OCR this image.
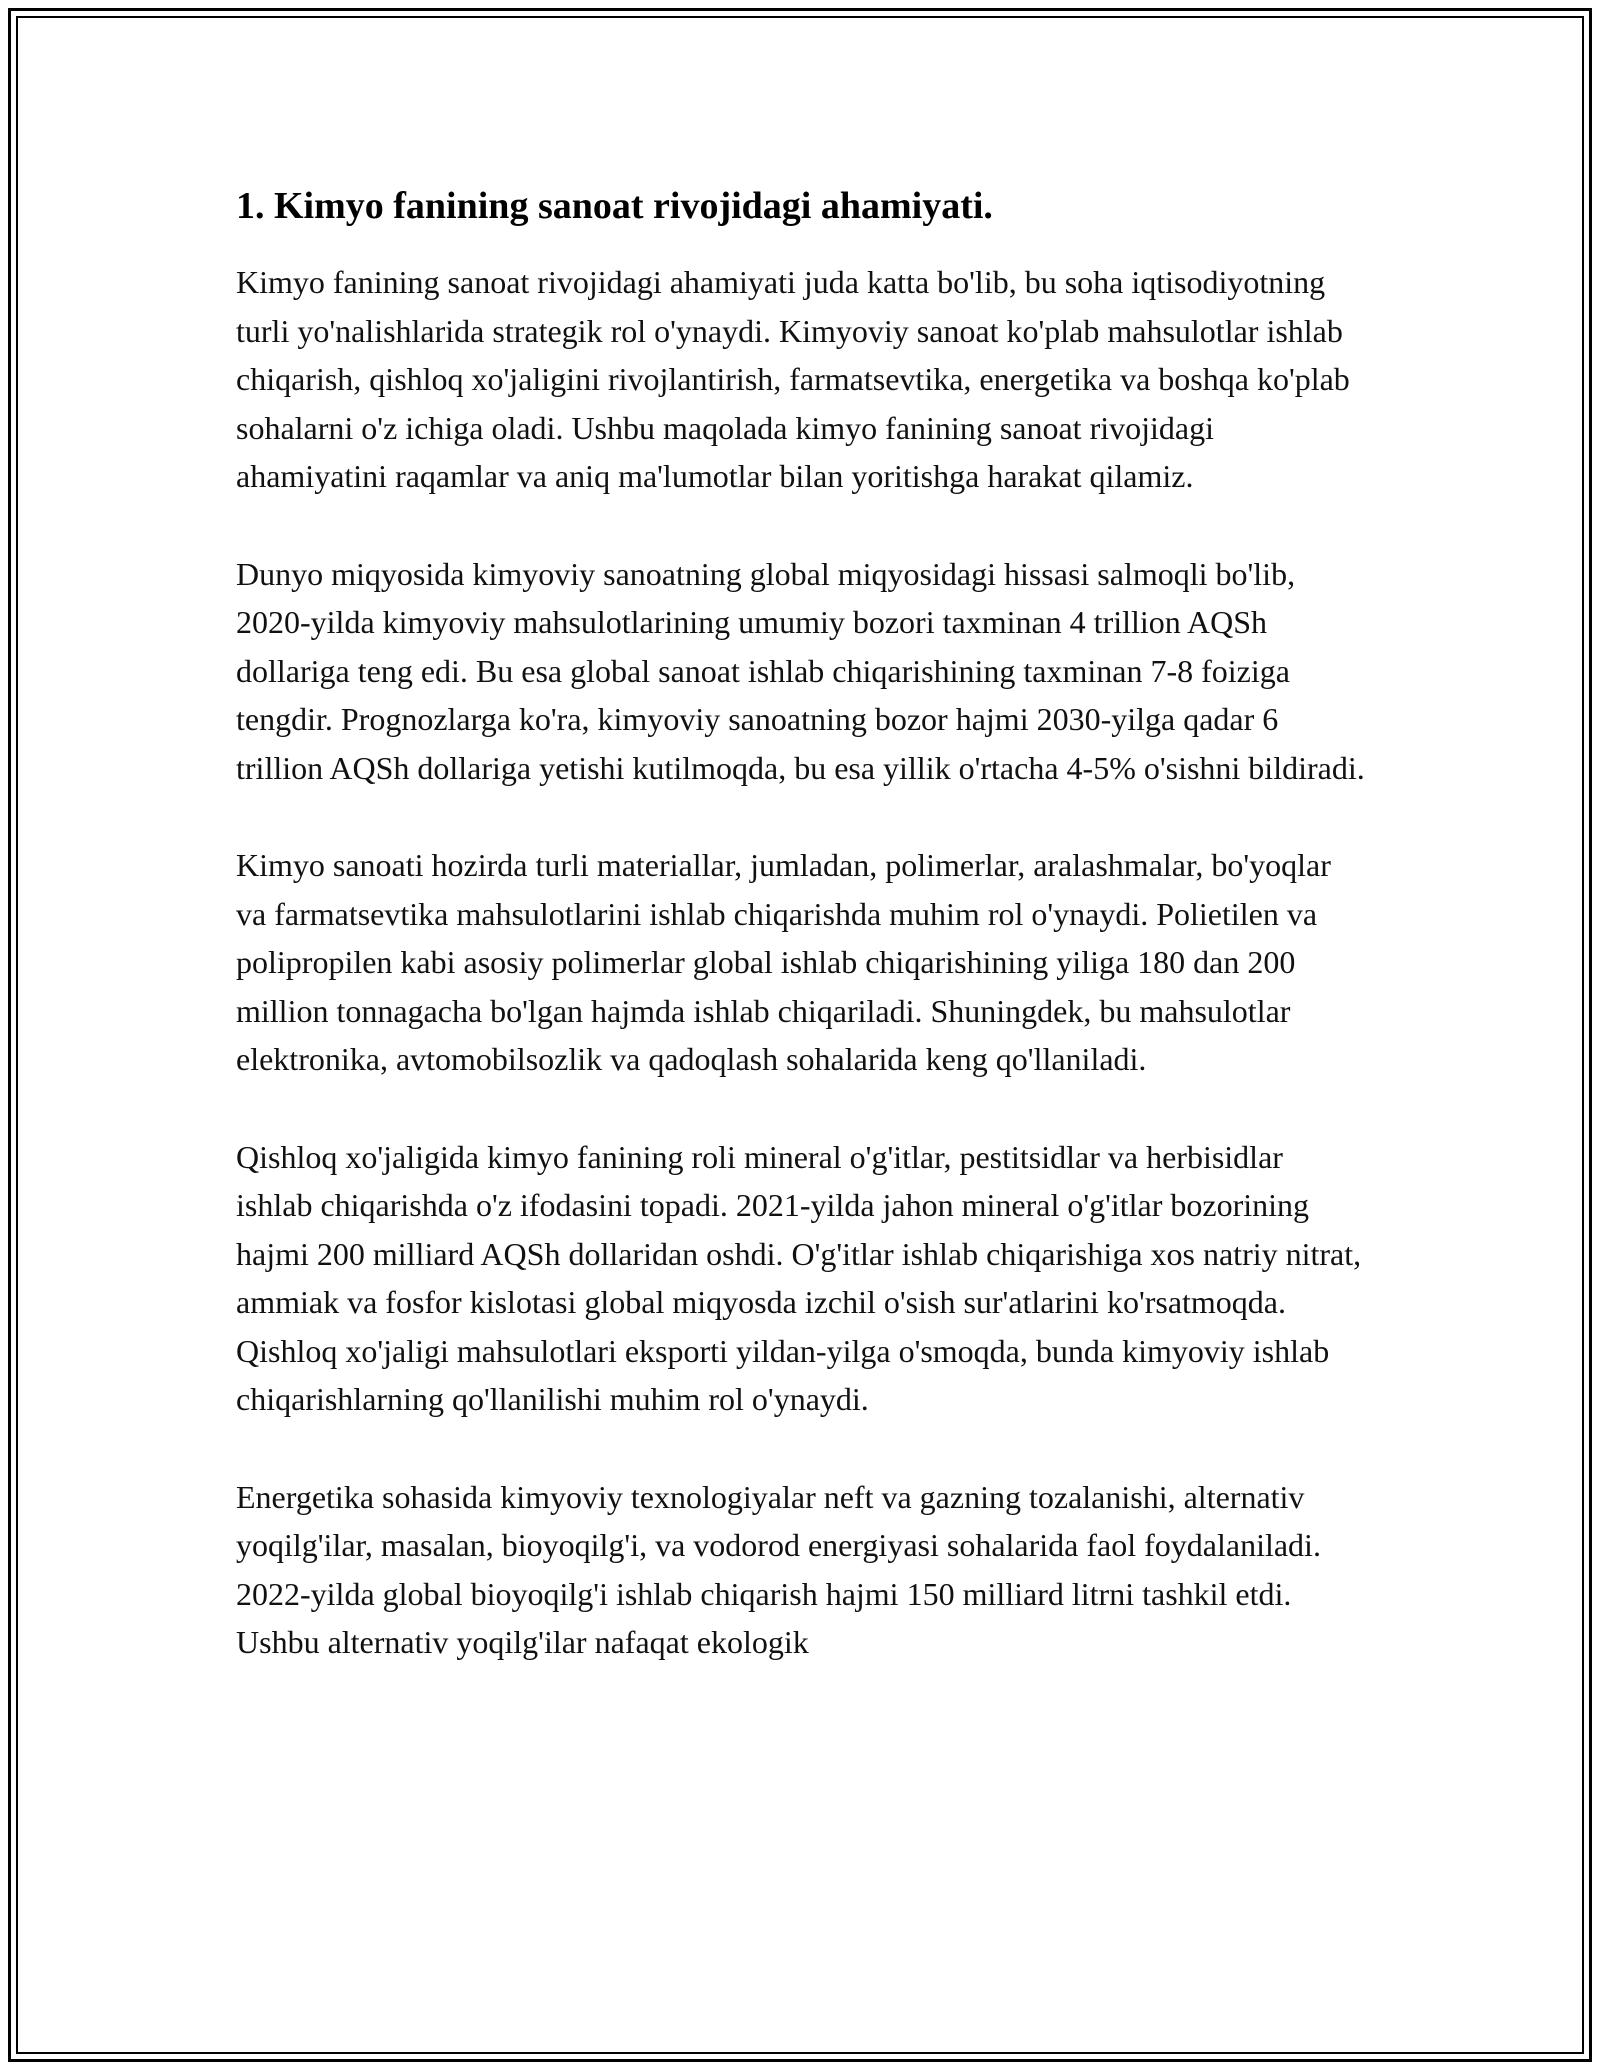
1. Kimyo fanining sanoat rivojidagi ahamiyati.

Kimyo fanining sanoat rivojidagi ahamiyati juda katta bo'lib, bu soha iqtisodiyotning turli yo'nalishlarida strategik rol o'ynaydi. Kimyoviy sanoat ko'plab mahsulotlar ishlab chiqarish, qishloq xo'jaligini rivojlantirish, farmatsevtika, energetika va boshqa ko'plab sohalarni o'z ichiga oladi. Ushbu maqolada kimyo fanining sanoat rivojidagi ahamiyatini raqamlar va aniq ma'lumotlar bilan yoritishga harakat qilamiz.

Dunyo miqyosida kimyoviy sanoatning global miqyosidagi hissasi salmoqli bo'lib, 2020-yilda kimyoviy mahsulotlarining umumiy bozori taxminan 4 trillion AQSh dollariga teng edi. Bu esa global sanoat ishlab chiqarishining taxminan 7-8 foiziga tengdir. Prognozlarga ko'ra, kimyoviy sanoatning bozor hajmi 2030-yilga qadar 6 trillion AQSh dollariga yetishi kutilmoqda, bu esa yillik o'rtacha 4-5% o'sishni bildiradi.

Kimyo sanoati hozirda turli materiallar, jumladan, polimerlar, aralashmalar, bo'yoqlar va farmatsevtika mahsulotlarini ishlab chiqarishda muhim rol o'ynaydi. Polietilen va polipropilen kabi asosiy polimerlar global ishlab chiqarishining yiliga 180 dan 200 million tonnagacha bo'lgan hajmda ishlab chiqariladi. Shuningdek, bu mahsulotlar elektronika, avtomobilsozlik va qadoqlash sohalarida keng qo'llaniladi.

Qishloq xo'jaligida kimyo fanining roli mineral o'g'itlar, pestitsidlar va herbisidlar ishlab chiqarishda o'z ifodasini topadi. 2021-yilda jahon mineral o'g'itlar bozorining hajmi 200 milliard AQSh dollaridan oshdi. O'g'itlar ishlab chiqarishiga xos natriy nitrat, ammiak va fosfor kislotasi global miqyosda izchil o'sish sur'atlarini ko'rsatmoqda. Qishloq xo'jaligi mahsulotlari eksporti yildan-yilga o'smoqda, bunda kimyoviy ishlab chiqarishlarning qo'llanilishi muhim rol o'ynaydi.

Energetika sohasida kimyoviy texnologiyalar neft va gazning tozalanishi, alternativ yoqilg'ilar, masalan, bioyoqilg'i, va vodorod energiyasi sohalarida faol foydalaniladi. 2022-yilda global bioyoqilg'i ishlab chiqarish hajmi 150 milliard litrni tashkil etdi. Ushbu alternativ yoqilg'ilar nafaqat ekologik
